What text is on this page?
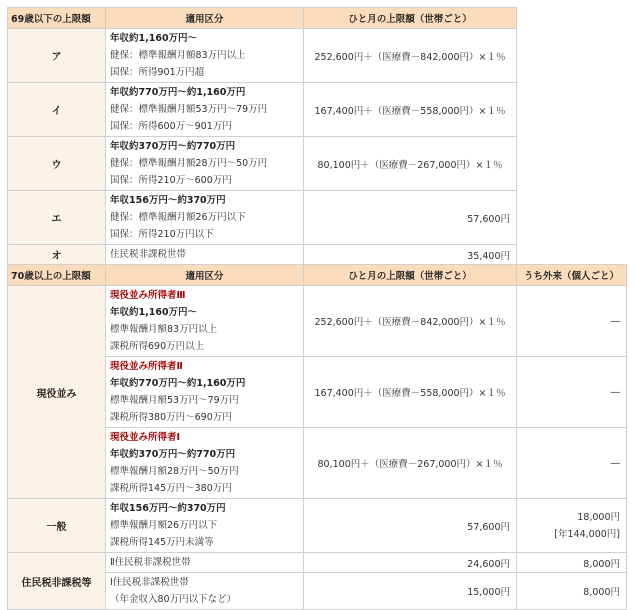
69歳以下の上限額	適用区分	ひと月の上限額（世帯ごと）	
ア	年収約1,160万円～
健保：標準報酬月額83万円以上
国保：所得901万円超	252,600円＋（医療費－842,000円）×１％	
イ	年収約770万円～約1,160万円
健保：標準報酬月額53万円～79万円
国保：所得600万～901万円	167,400円＋（医療費－558,000円）×１％	
ウ	年収約370万円～約770万円
健保：標準報酬月額28万円～50万円
国保：所得210万～600万円	80,100円＋（医療費－267,000円）×１％	
エ	年収156万円～約370万円
健保：標準報酬月額26万円以下
国保：所得210万円以下	57,600円	
オ	住民税非課税世帯	35,400円	
70歳以上の上限額	適用区分	ひと月の上限額（世帯ごと）	うち外来（個人ごと）
現役並み	現役並み所得者Ⅲ
年収約1,160万円～
標準報酬月額83万円以上
課税所得690万円以上	252,600円＋（医療費－842,000円）×１％	―

	現役並み所得者Ⅱ
年収約770万円～約1,160万円
標準報酬月額53万円～79万円
課税所得380万円～690万円	167,400円＋（医療費－558,000円）×１％	―

	現役並み所得者Ⅰ
年収約370万円～約770万円
標準報酬月額28万円～50万円
課税所得145万円～380万円	80,100円＋（医療費－267,000円）×１％	―
一般	年収156万円～約370万円
標準報酬月額26万円以下
課税所得145万円未満等	57,600円	18,000円
[年144,000円]

住民税非課税等	Ⅱ住民税非課税世帯	24,600円	8,000円

	Ⅰ住民税非課税世帯
（年金収入80万円以下など）	15,000円	8,000円
